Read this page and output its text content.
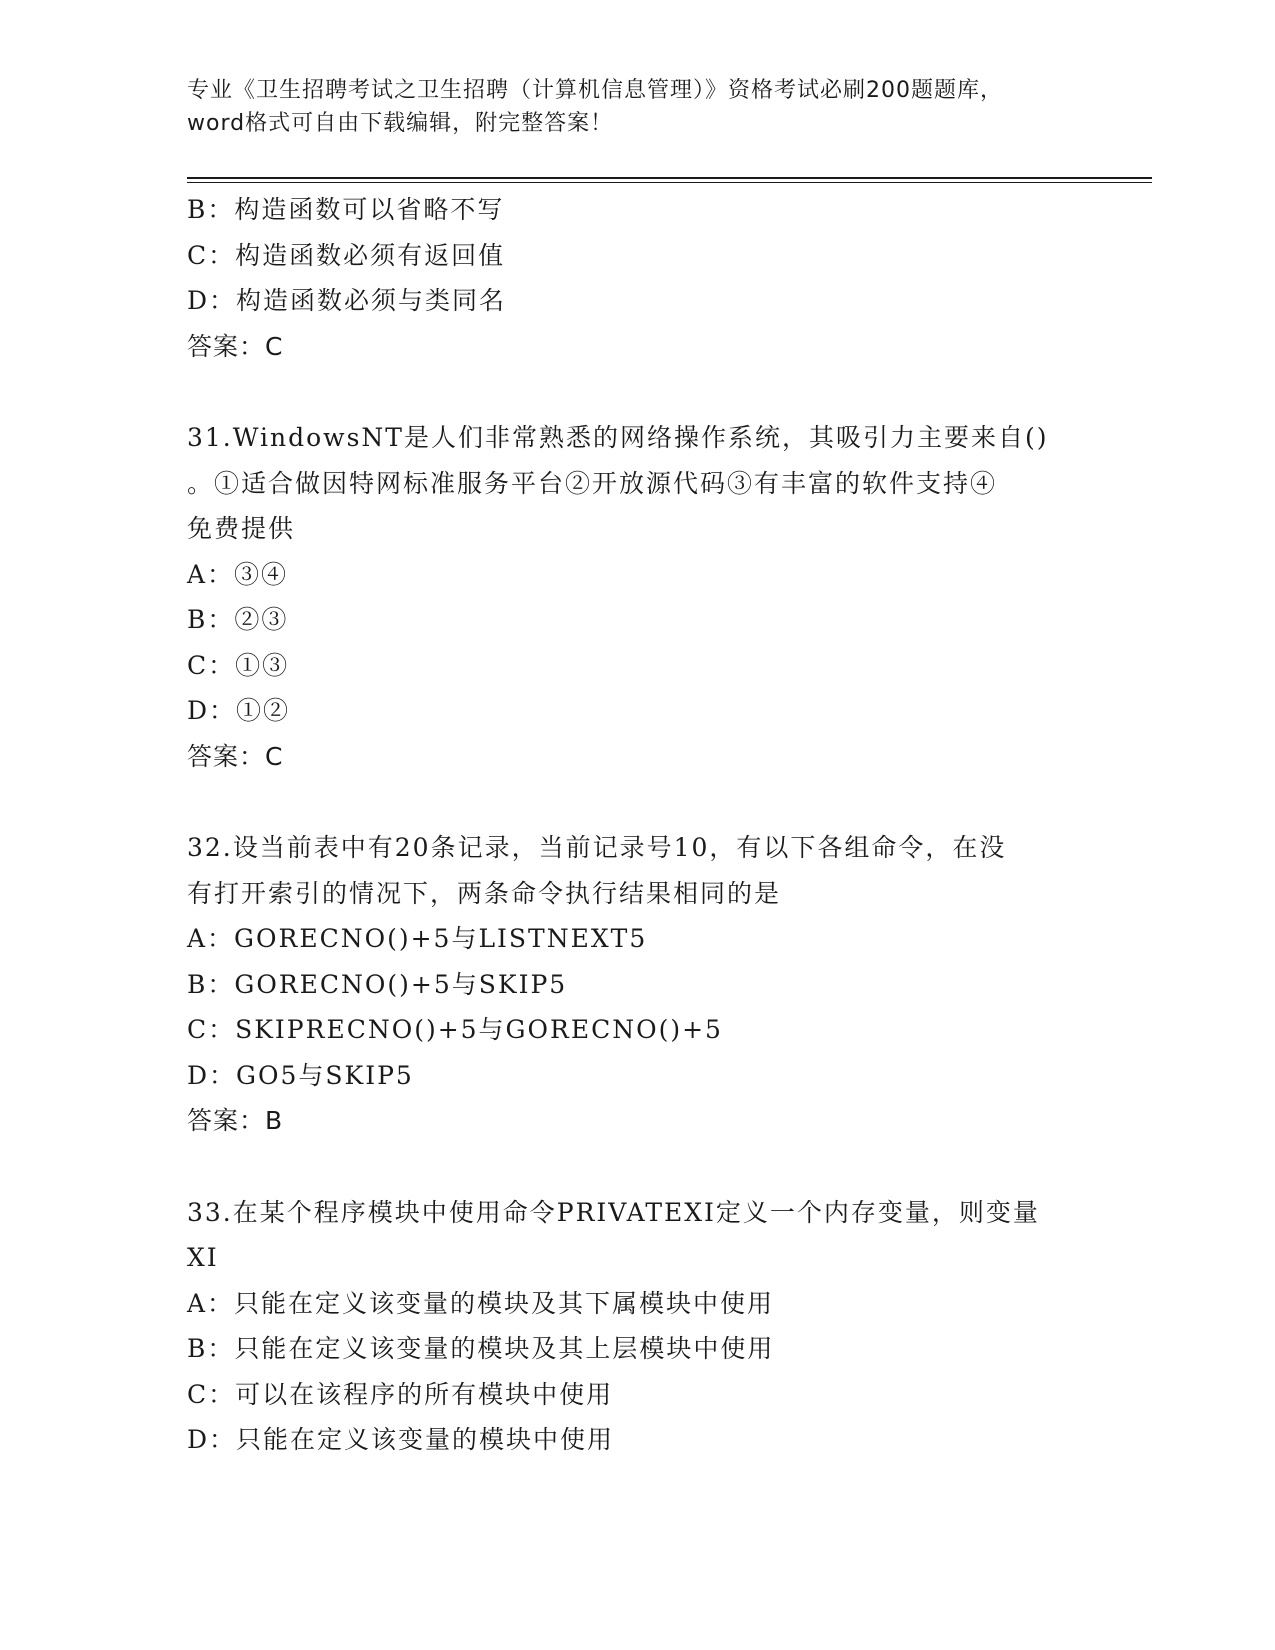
专业《卫生招聘考试之卫生招聘（计算机信息管理）》资格考试必刷200题题库，
word格式可自由下载编辑，附完整答案！
B：构造函数可以省略不写
C：构造函数必须有返回值
D：构造函数必须与类同名
答案：C
31.WindowsNT是人们非常熟悉的网络操作系统，其吸引力主要来自()
。①适合做因特网标准服务平台②开放源代码③有丰富的软件支持④
免费提供
A：③④
B：②③
C：①③
D：①②
答案：C
32.设当前表中有20条记录，当前记录号10，有以下各组命令，在没
有打开索引的情况下，两条命令执行结果相同的是
A：GORECNO()+5与LISTNEXT5
B：GORECNO()+5与SKIP5
C：SKIPRECNO()+5与GORECNO()+5
D：GO5与SKIP5
答案：B
33.在某个程序模块中使用命令PRIVATEXI定义一个内存变量，则变量
XI
A：只能在定义该变量的模块及其下属模块中使用
B：只能在定义该变量的模块及其上层模块中使用
C：可以在该程序的所有模块中使用
D：只能在定义该变量的模块中使用
